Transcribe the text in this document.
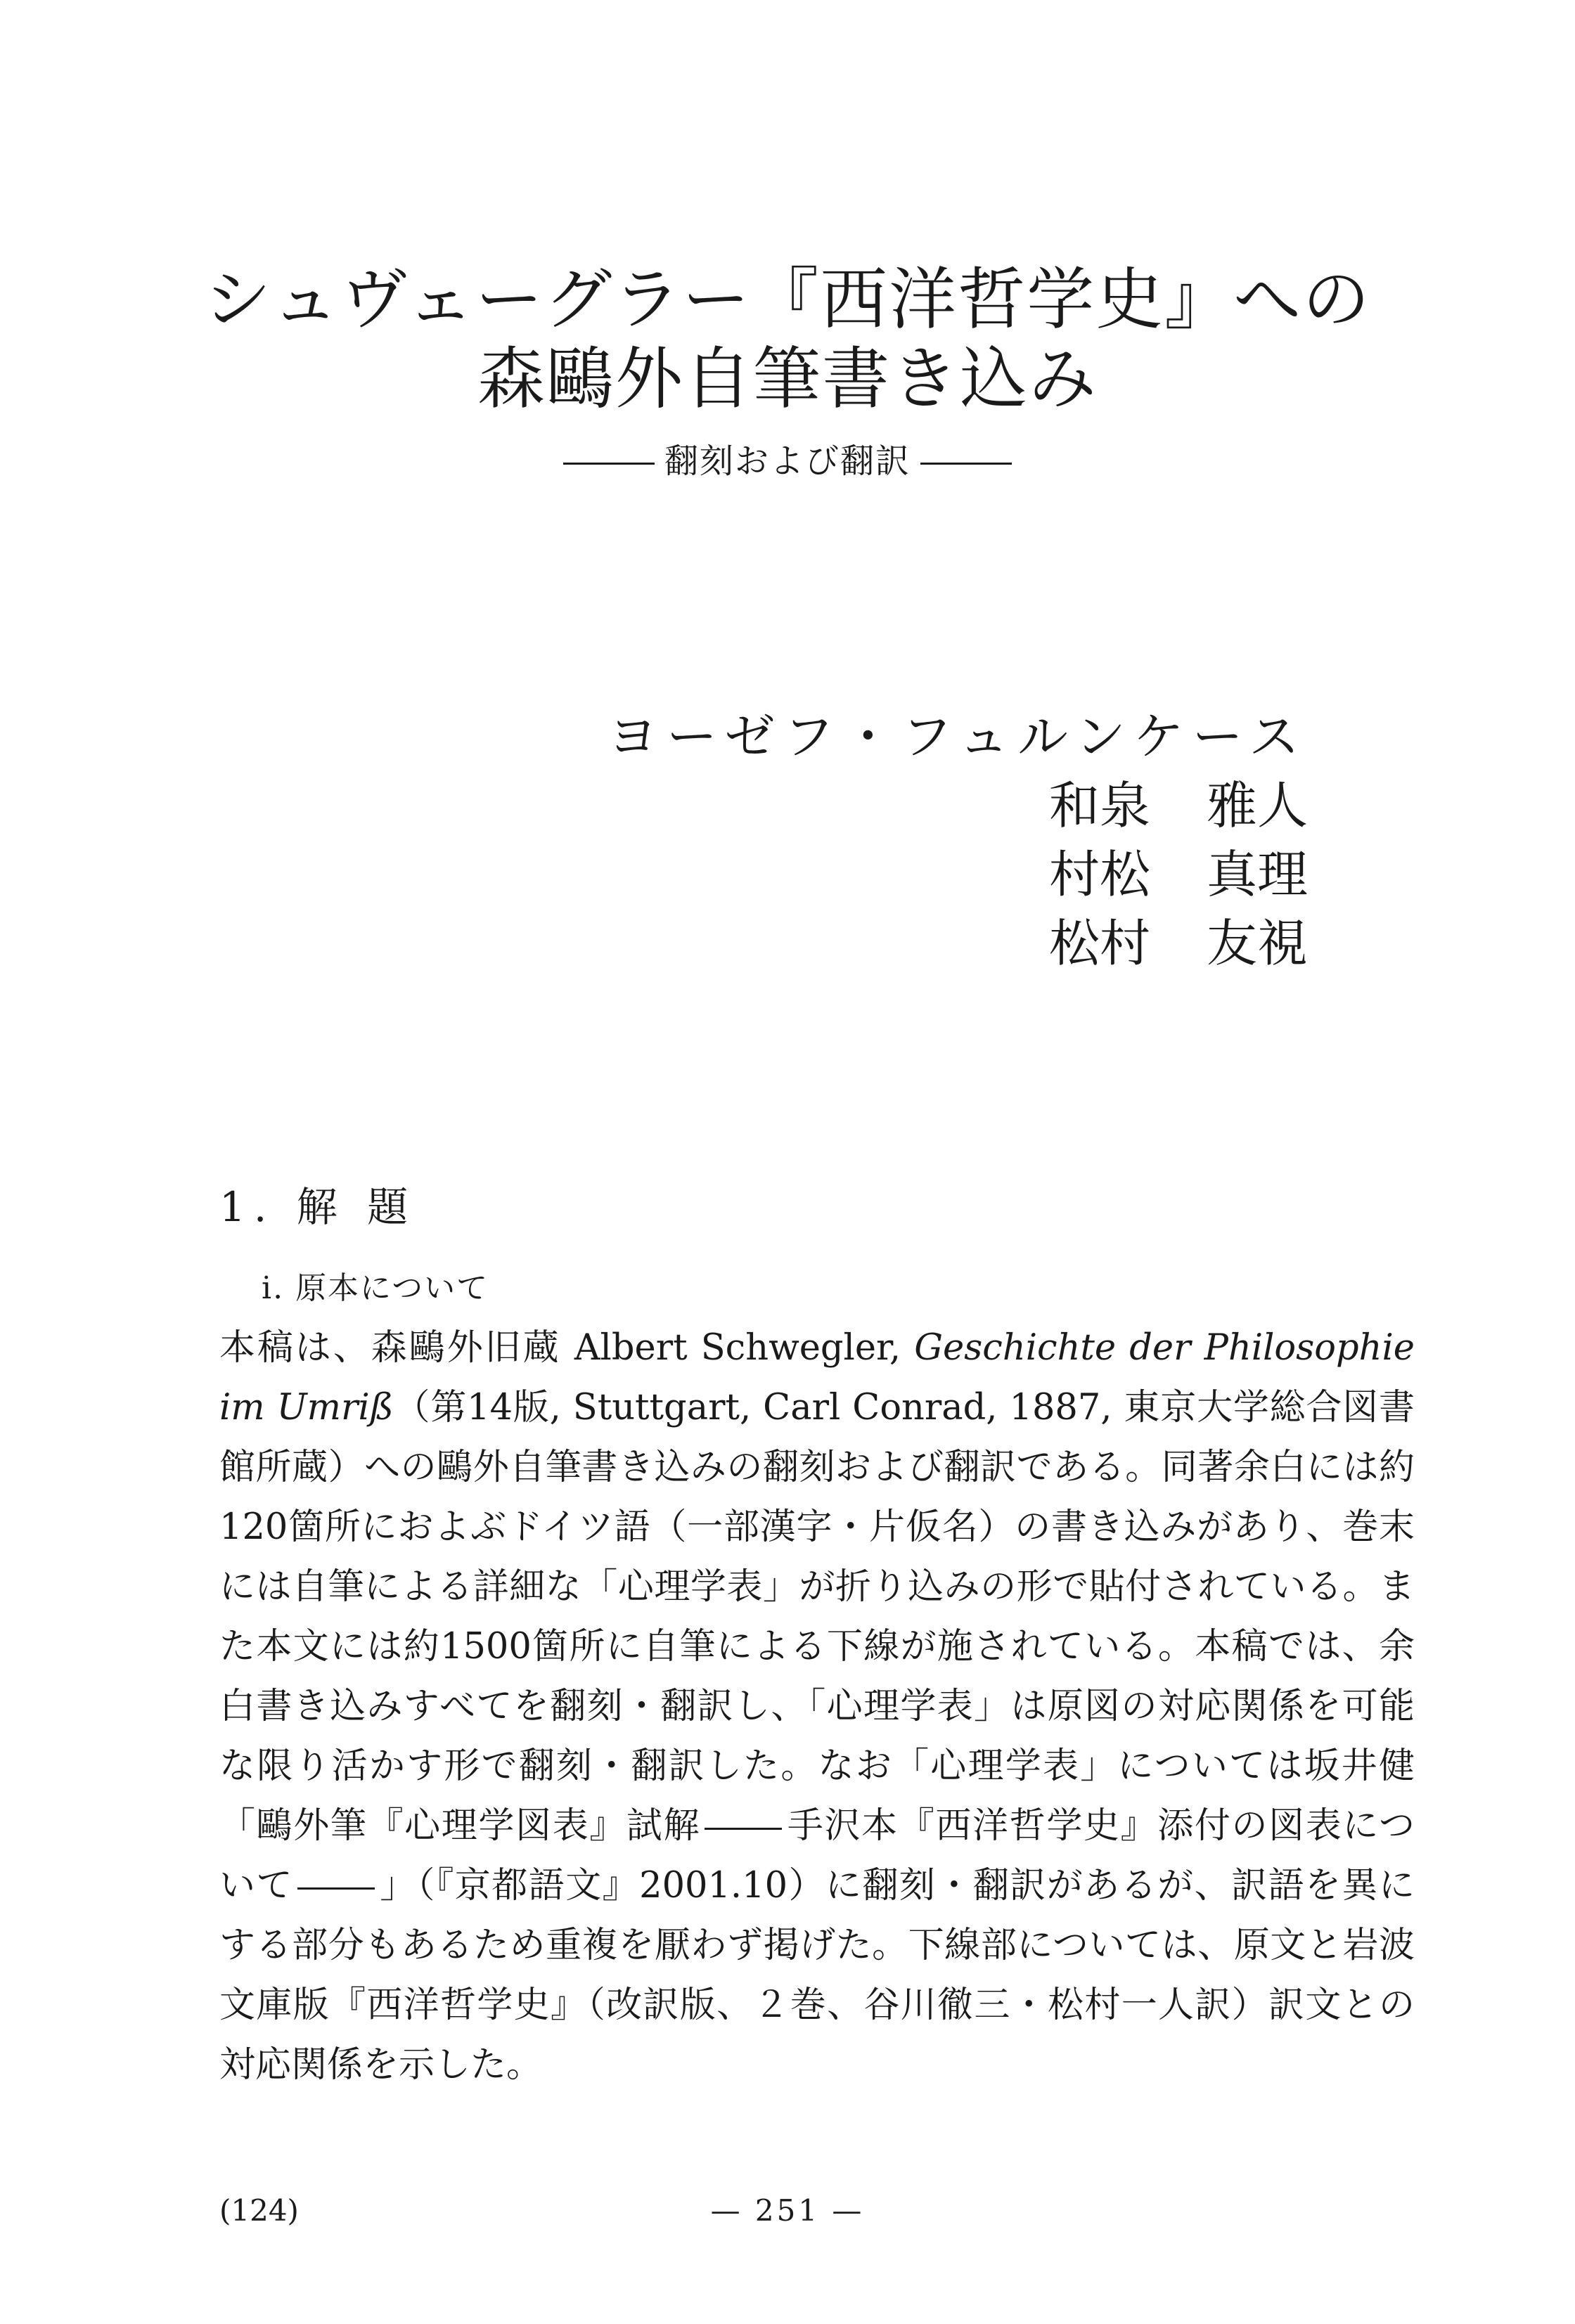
シュヴェーグラー『西洋哲学史』への
森鷗外自筆書き込み
翻刻および翻訳
ヨーゼフ・フュルンケース
和泉 雅人
村松 真理
松村 友視
1. 解 題
i. 原本について

本稿は、森鷗外旧蔵 Albert Schwegler, Geschichte der Philosophie im Umriß（第14版, Stuttgart, Carl Conrad, 1887, 東京大学総合図書館所蔵）への鷗外自筆書き込みの翻刻および翻訳である。同著余白には約120箇所におよぶドイツ語（一部漢字・片仮名）の書き込みがあり、巻末には自筆による詳細な「心理学表」が折り込みの形で貼付されている。また本文には約1500箇所に自筆による下線が施されている。本稿では、余白書き込みすべてを翻刻・翻訳し、「心理学表」は原図の対応関係を可能な限り活かす形で翻刻・翻訳した。なお「心理学表」については坂井健「鷗外筆『心理学図表』試解 手沢本『西洋哲学史』添付の図表について 」（『京都語文』2001.10）に翻刻・翻訳があるが、訳語を異にする部分もあるため重複を厭わず掲げた。下線部については、原文と岩波文庫版『西洋哲学史』（改訳版、２巻、谷川徹三・松村一人訳）訳文との対応関係を示した。

(124)	— 251 —
